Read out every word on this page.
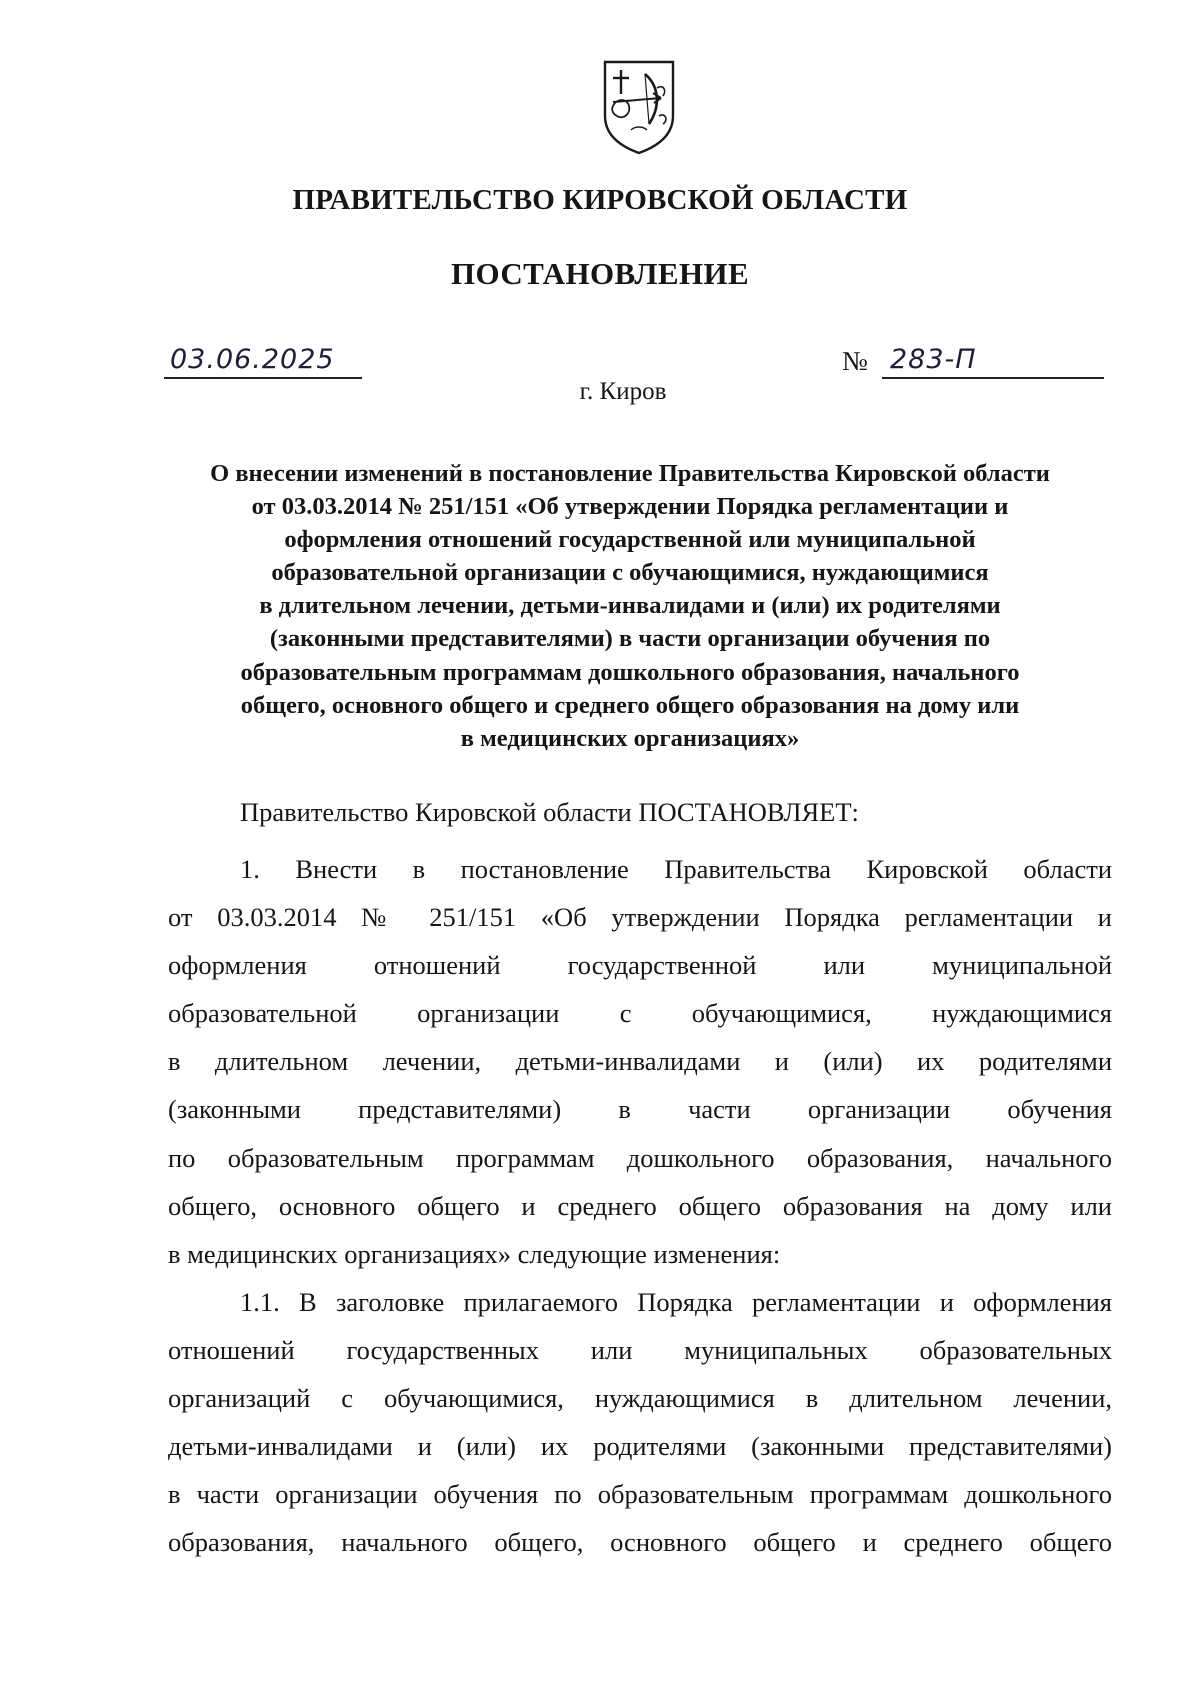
ПРАВИТЕЛЬСТВО КИРОВСКОЙ ОБЛАСТИ
ПОСТАНОВЛЕНИЕ
03.06.2025	№ 283-П
г. Киров
О внесении изменений в постановление Правительства Кировской области
от 03.03.2014 № 251/151 «Об утверждении Порядка регламентации и
оформления отношений государственной или муниципальной
образовательной организации с обучающимися, нуждающимися
в длительном лечении, детьми-инвалидами и (или) их родителями
(законными представителями) в части организации обучения по
образовательным программам дошкольного образования, начального
общего, основного общего и среднего общего образования на дому или
в медицинских организациях»
Правительство Кировской области ПОСТАНОВЛЯЕТ:
1. Внести в постановление Правительства Кировской области
от 03.03.2014 № 251/151 «Об утверждении Порядка регламентации и
оформления отношений государственной или муниципальной
образовательной организации с обучающимися, нуждающимися
в длительном лечении, детьми-инвалидами и (или) их родителями
(законными представителями) в части организации обучения
по образовательным программам дошкольного образования, начального
общего, основного общего и среднего общего образования на дому или
в медицинских организациях» следующие изменения:
1.1. В заголовке прилагаемого Порядка регламентации и оформления
отношений государственных или муниципальных образовательных
организаций с обучающимися, нуждающимися в длительном лечении,
детьми-инвалидами и (или) их родителями (законными представителями)
в части организации обучения по образовательным программам дошкольного
образования, начального общего, основного общего и среднего общего
